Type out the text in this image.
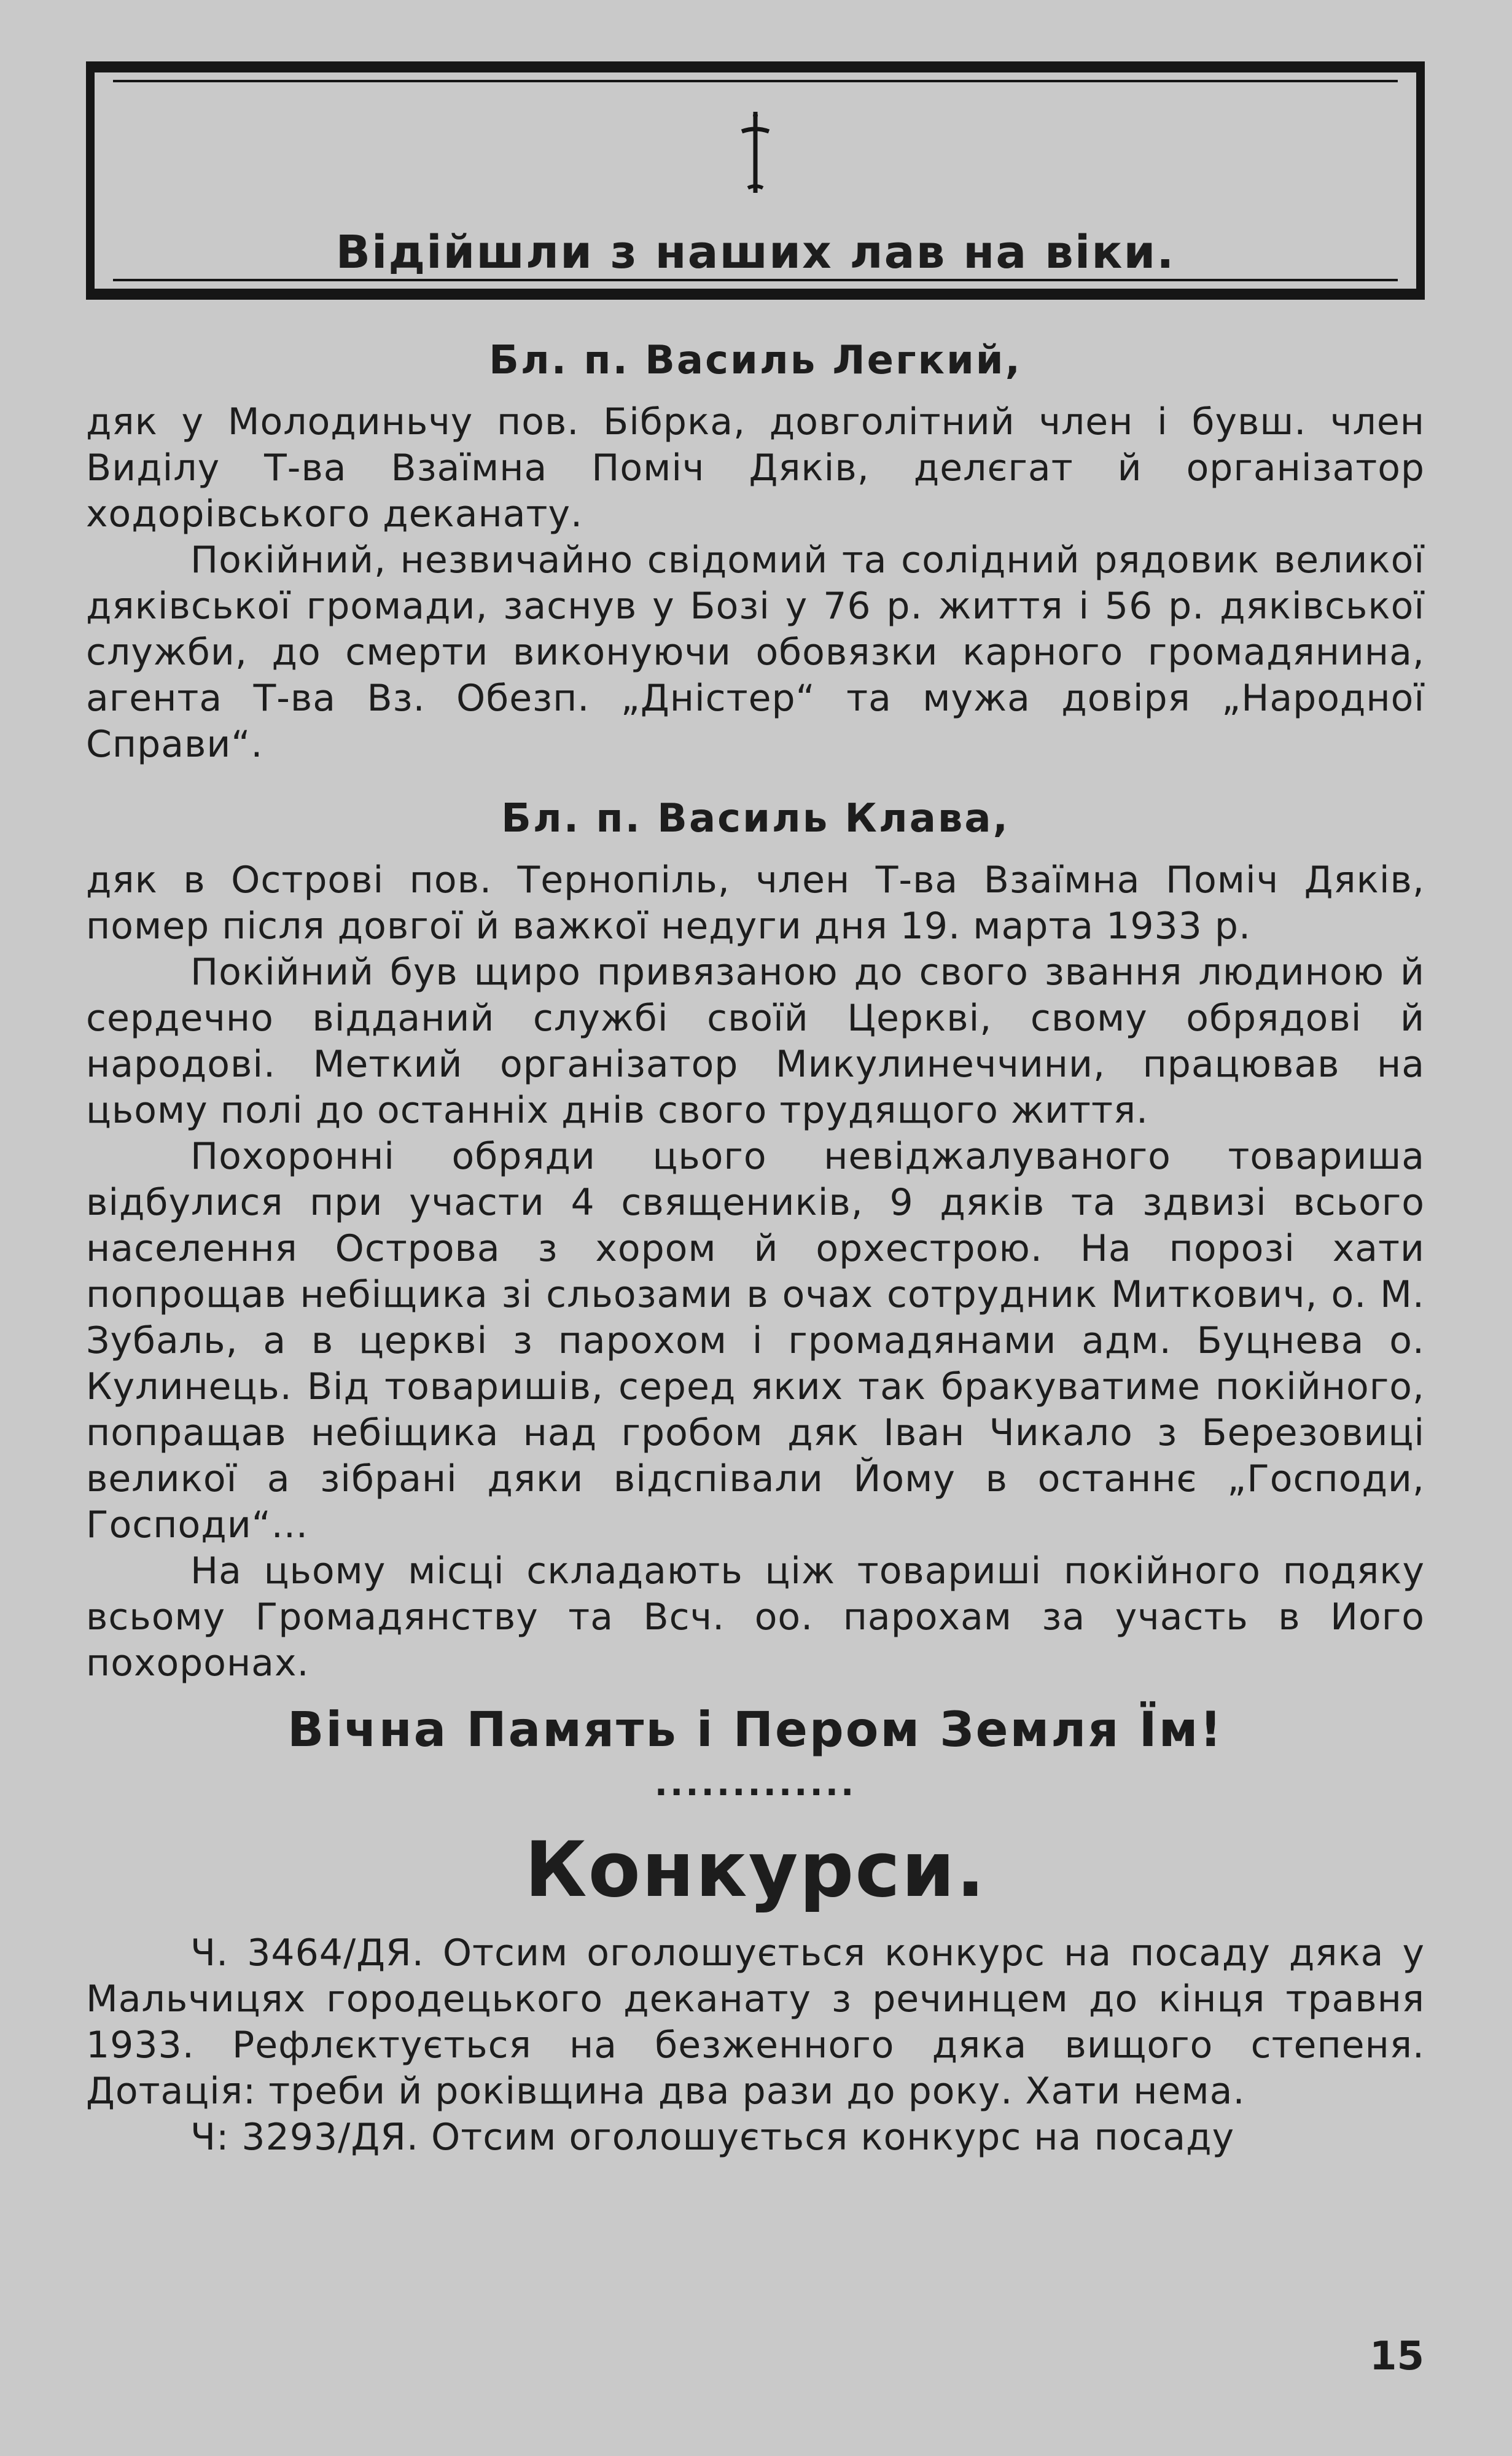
Відійшли з наших лав на віки.

Бл. п. Василь Легкий,

дяк у Молодиньчу пов. Бібрка, довголітний член і бувш. член Виділу Т-ва Взаїмна Поміч Дяків, делєгат й організатор ходорівського деканату.

Покійний, незвичайно свідомий та солідний рядовик великої дяківської громади, заснув у Бозі у 76 р. життя і 56 р. дяківської служби, до смерти виконуючи обовязки карного громадянина, агента Т-ва Вз. Обезп. „Дністер“ та мужа довіря „Народної Справи“.

Бл. п. Василь Клава,

дяк в Острові пов. Тернопіль, член Т-ва Взаїмна Поміч Дяків, помер після довгої й важкої недуги дня 19. марта 1933 р.

Покійний був щиро привязаною до свого звання людиною й сердечно відданий службі своїй Церкві, свому обрядові й народові. Меткий організатор Микулинеччини, працював на цьому полі до останніх днів свого трудящого життя.

Похоронні обряди цього невіджалуваного товариша відбулися при участи 4 священиків, 9 дяків та здвизі всього населення Острова з хором й орхестрою. На порозі хати попрощав небіщика зі сльозами в очах сотрудник Миткович, о. М. Зубаль, а в церкві з парохом і громадянами адм. Буцнева о. Кулинець. Від товаришів, серед яких так бракуватиме покійного, попращав небіщика над гробом дяк Іван Чикало з Березовиці великої а зібрані дяки відспівали Йому в останнє „Господи, Господи“...

На цьому місці складають ціж товариші покійного подяку всьому Громадянству та Всч. оо. парохам за участь в Иого похоронах.

Вічна Память і Пером Земля Їм!

.............

Конкурси.

Ч. 3464/ДЯ. Отсим оголошується конкурс на посаду дяка у Мальчицях городецького деканату з речинцем до кінця травня 1933. Рефлєктується на безженного дяка вищого степеня. Дотація: треби й роківщина два рази до року. Хати нема.

Ч: 3293/ДЯ. Отсим оголошується конкурс на посаду

15
